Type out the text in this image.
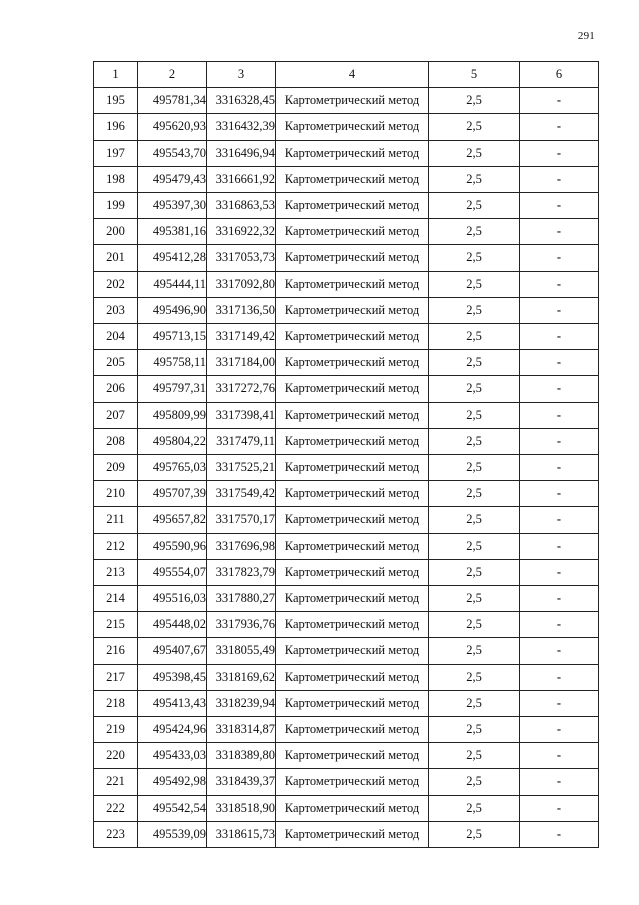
291
1	2	3	4	5	6
195	495781,34	3316328,45	Картометрический метод	2,5	-
196	495620,93	3316432,39	Картометрический метод	2,5	-
197	495543,70	3316496,94	Картометрический метод	2,5	-
198	495479,43	3316661,92	Картометрический метод	2,5	-
199	495397,30	3316863,53	Картометрический метод	2,5	-
200	495381,16	3316922,32	Картометрический метод	2,5	-
201	495412,28	3317053,73	Картометрический метод	2,5	-
202	495444,11	3317092,80	Картометрический метод	2,5	-
203	495496,90	3317136,50	Картометрический метод	2,5	-
204	495713,15	3317149,42	Картометрический метод	2,5	-
205	495758,11	3317184,00	Картометрический метод	2,5	-
206	495797,31	3317272,76	Картометрический метод	2,5	-
207	495809,99	3317398,41	Картометрический метод	2,5	-
208	495804,22	3317479,11	Картометрический метод	2,5	-
209	495765,03	3317525,21	Картометрический метод	2,5	-
210	495707,39	3317549,42	Картометрический метод	2,5	-
211	495657,82	3317570,17	Картометрический метод	2,5	-
212	495590,96	3317696,98	Картометрический метод	2,5	-
213	495554,07	3317823,79	Картометрический метод	2,5	-
214	495516,03	3317880,27	Картометрический метод	2,5	-
215	495448,02	3317936,76	Картометрический метод	2,5	-
216	495407,67	3318055,49	Картометрический метод	2,5	-
217	495398,45	3318169,62	Картометрический метод	2,5	-
218	495413,43	3318239,94	Картометрический метод	2,5	-
219	495424,96	3318314,87	Картометрический метод	2,5	-
220	495433,03	3318389,80	Картометрический метод	2,5	-
221	495492,98	3318439,37	Картометрический метод	2,5	-
222	495542,54	3318518,90	Картометрический метод	2,5	-
223	495539,09	3318615,73	Картометрический метод	2,5	-
